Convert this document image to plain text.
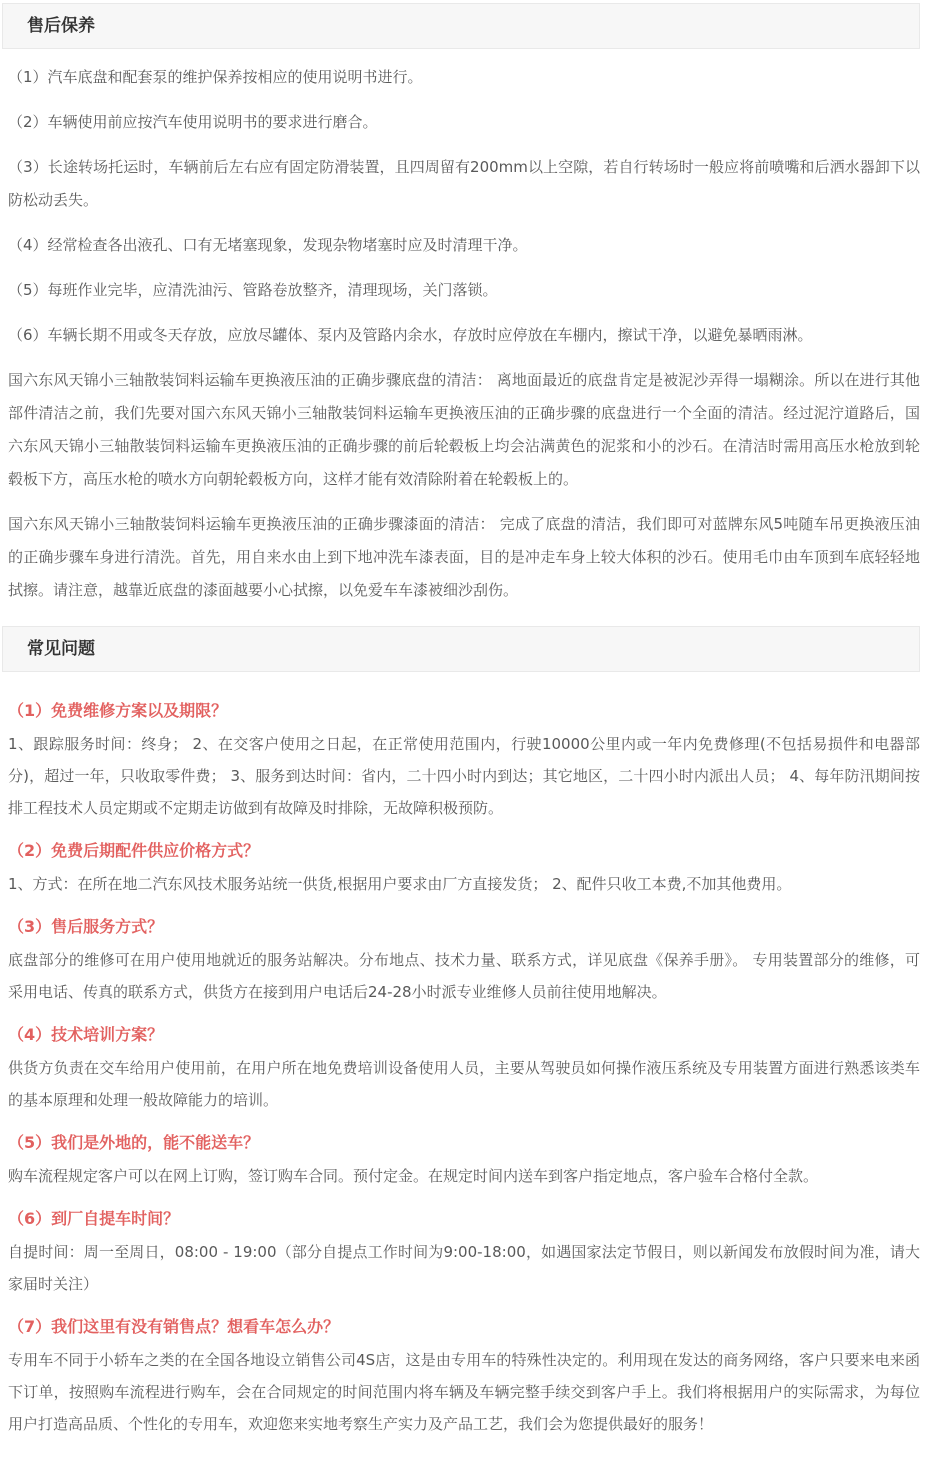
售后保养

（1）汽车底盘和配套泵的维护保养按相应的使用说明书进行。

（2）车辆使用前应按汽车使用说明书的要求进行磨合。

（3）长途转场托运时，车辆前后左右应有固定防滑装置，且四周留有200mm以上空隙，若自行转场时一般应将前喷嘴和后洒水器卸下以防松动丢失。

（4）经常检查各出液孔、口有无堵塞现象，发现杂物堵塞时应及时清理干净。

（5）每班作业完毕，应清洗油污、管路卷放整齐，清理现场，关门落锁。

（6）车辆长期不用或冬天存放，应放尽罐体、泵内及管路内余水，存放时应停放在车棚内，擦试干净，以避免暴晒雨淋。

国六东风天锦小三轴散装饲料运输车更换液压油的正确步骤底盘的清洁： 离地面最近的底盘肯定是被泥沙弄得一塌糊涂。所以在进行其他部件清洁之前，我们先要对国六东风天锦小三轴散装饲料运输车更换液压油的正确步骤的底盘进行一个全面的清洁。经过泥泞道路后，国六东风天锦小三轴散装饲料运输车更换液压油的正确步骤的前后轮毂板上均会沾满黄色的泥浆和小的沙石。在清洁时需用高压水枪放到轮毂板下方，高压水枪的喷水方向朝轮毂板方向，这样才能有效清除附着在轮毂板上的。

国六东风天锦小三轴散装饲料运输车更换液压油的正确步骤漆面的清洁： 完成了底盘的清洁，我们即可对蓝牌东风5吨随车吊更换液压油的正确步骤车身进行清洗。首先，用自来水由上到下地冲洗车漆表面，目的是冲走车身上较大体积的沙石。使用毛巾由车顶到车底轻轻地拭擦。请注意，越靠近底盘的漆面越要小心拭擦，以免爱车车漆被细沙刮伤。

常见问题
（1）免费维修方案以及期限？

1、跟踪服务时间：终身； 2、在交客户使用之日起，在正常使用范围内，行驶10000公里内或一年内免费修理(不包括易损件和电器部分)，超过一年，只收取零件费； 3、服务到达时间：省内，二十四小时内到达；其它地区，二十四小时内派出人员； 4、每年防汛期间按排工程技术人员定期或不定期走访做到有故障及时排除，无故障积极预防。

（2）免费后期配件供应价格方式？

1、方式：在所在地二汽东风技术服务站统一供货,根据用户要求由厂方直接发货； 2、配件只收工本费,不加其他费用。

（3）售后服务方式？

底盘部分的维修可在用户使用地就近的服务站解决。分布地点、技术力量、联系方式，详见底盘《保养手册》。 专用装置部分的维修，可采用电话、传真的联系方式，供货方在接到用户电话后24-28小时派专业维修人员前往使用地解决。

（4）技术培训方案？

供货方负责在交车给用户使用前，在用户所在地免费培训设备使用人员，主要从驾驶员如何操作液压系统及专用装置方面进行熟悉该类车的基本原理和处理一般故障能力的培训。

（5）我们是外地的，能不能送车？

购车流程规定客户可以在网上订购，签订购车合同。预付定金。在规定时间内送车到客户指定地点，客户验车合格付全款。

（6）到厂自提车时间？

自提时间：周一至周日，08:00 - 19:00（部分自提点工作时间为9:00-18:00，如遇国家法定节假日，则以新闻发布放假时间为准，请大家届时关注）

（7）我们这里有没有销售点？想看车怎么办？

专用车不同于小轿车之类的在全国各地设立销售公司4S店，这是由专用车的特殊性决定的。利用现在发达的商务网络，客户只要来电来函下订单，按照购车流程进行购车，会在合同规定的时间范围内将车辆及车辆完整手续交到客户手上。我们将根据用户的实际需求，为每位用户打造高品质、个性化的专用车，欢迎您来实地考察生产实力及产品工艺，我们会为您提供最好的服务！
